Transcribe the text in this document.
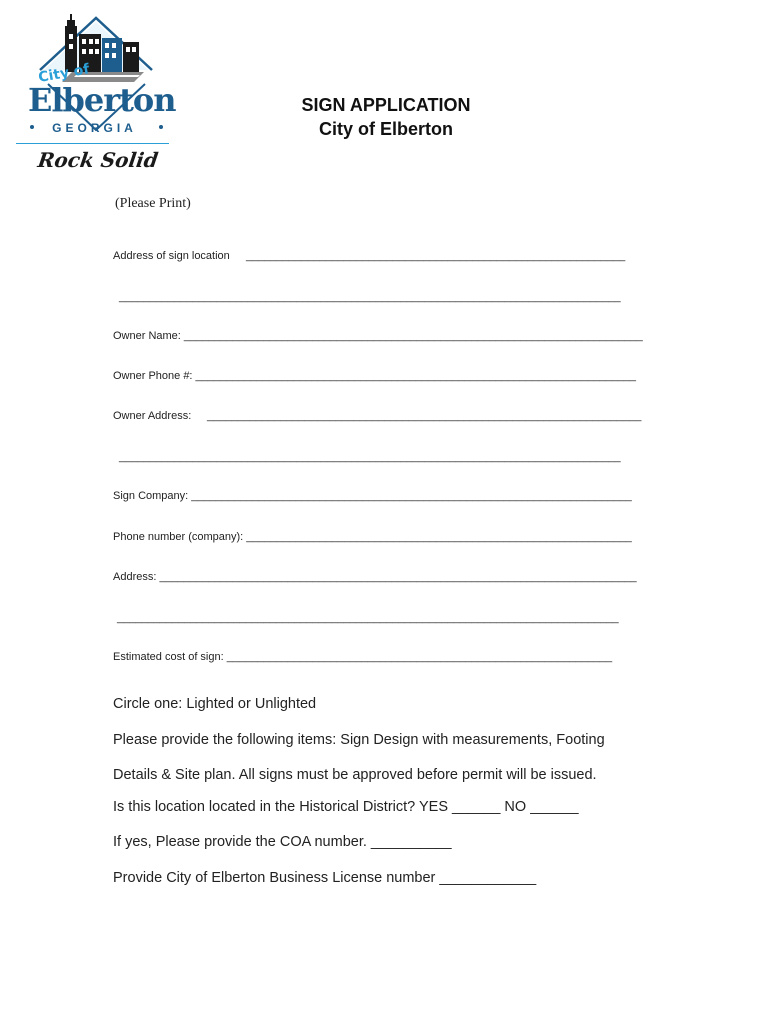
City of
Elberton
GEORGIA
Rock Solid
SIGN APPLICATION
City of Elberton
(Please Print)
Address of sign location ______________________________________________________________
__________________________________________________________________________________
Owner Name: ___________________________________________________________________________
Owner Phone #: ________________________________________________________________________
Owner Address: _______________________________________________________________________
__________________________________________________________________________________
Sign Company: ________________________________________________________________________
Phone number (company): _______________________________________________________________
Address: ______________________________________________________________________________
__________________________________________________________________________________
Estimated cost of sign: _______________________________________________________________
Circle one: Lighted or Unlighted
Please provide the following items: Sign Design with measurements, Footing
Details & Site plan. All signs must be approved before permit will be issued.
Is this location located in the Historical District? YES ______ NO ______
If yes, Please provide the COA number. __________
Provide City of Elberton Business License number ____________
